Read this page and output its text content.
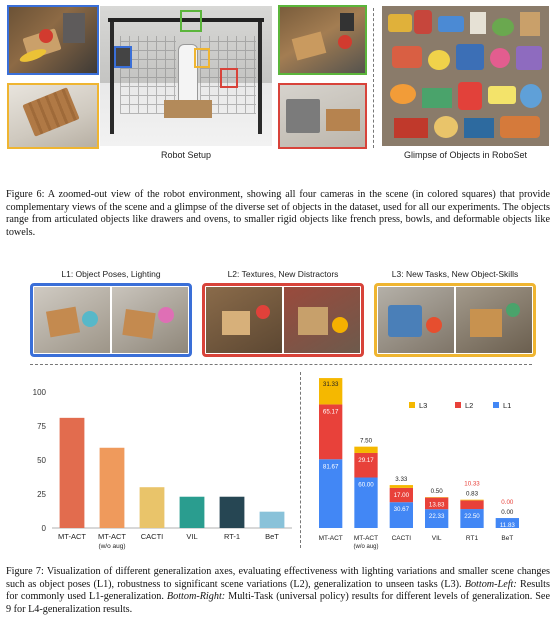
Robot Setup	Glimpse of Objects in RoboSet
Figure 6: A zoomed-out view of the robot environment, showing all four cameras in the scene (in colored squares) that provide complementary views of the scene and a glimpse of the diverse set of objects in the dataset, used for all our experiments. The objects range from articulated objects like drawers and ovens, to smaller rigid objects like french press, bowls, and deformable objects like towels.
L1: Object Poses, Lighting	L2: Textures, New Distractors	L3: New Tasks, New Object-Skills
0
25
50
75
100
MT-ACT MT-ACT
(w/o aug)
CACTI	VIL	RT-1	BeT
81.67
65.17
31.33
MT-ACT
60.00
29.17
7.50
MT-ACT
(w/o aug)
30.67
17.00
3.33
CACTI
22.33
13.83
0.50
VIL
22.50
0.83
10.33
RT1
11.83
0.00
0.00
BeT
L3	L2	L1
Figure 7: Visualization of different generalization axes, evaluating effectiveness with lighting variations and smaller scene changes such as object poses (L1), robustness to significant scene variations (L2), generalization to unseen tasks (L3). Bottom-Left: Results for commonly used L1-generalization. Bottom-Right: Multi-Task (universal policy) results for different levels of generalization. See 9 for L4-generalization results.
